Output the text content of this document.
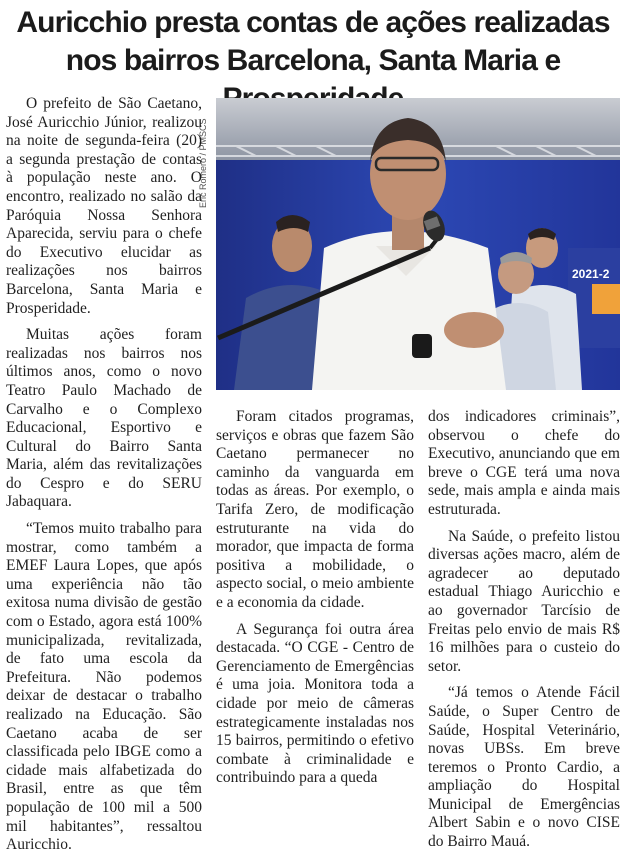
Auricchio presta contas de ações realizadas nos bairros Barcelona, Santa Maria e
Eric Romero / PMSCS
2021-2

O prefeito de São Caetano, José Auricchio Júnior, realizou na noite de segunda-feira (20) a segunda prestação de contas à população neste ano. O encontro, realizado no salão da Paróquia Nossa Senhora Aparecida, serviu para o chefe do Executivo elucidar as realizações nos bairros Barcelona, Santa Maria e Prosperidade.

Muitas ações foram realizadas nos bairros nos últimos anos, como o novo Teatro Paulo Machado de Carvalho e o Complexo Educacional, Esportivo e Cultural do Bairro Santa Maria, além das revitalizações do Cespro e do SERU Jabaquara.

“Temos muito trabalho para mostrar, como também a EMEF Laura Lopes, que após uma experiência não tão exitosa numa divisão de gestão com o Estado, agora está 100% municipalizada, revitalizada, de fato uma escola da Prefeitura. Não podemos deixar de destacar o trabalho realizado na Educação. São Caetano acaba de ser classificada pelo IBGE como a cidade mais alfabetizada do Brasil, entre as que têm população de 100 mil a 500 mil habitantes”, ressaltou Auricchio.

Foram citados programas, serviços e obras que fazem São Caetano permanecer no caminho da vanguarda em todas as áreas. Por exemplo, o Tarifa Zero, de modificação estruturante na vida do morador, que impacta de forma positiva a mobilidade, o aspecto social, o meio ambiente e a economia da cidade.

A Segurança foi outra área destacada. “O CGE - Centro de Gerenciamento de Emergências é uma joia. Monitora toda a cidade por meio de câmeras estrategicamente instaladas nos 15 bairros, permitindo o efetivo combate à criminalidade e contribuindo para a queda

dos indicadores criminais”, observou o chefe do Executivo, anunciando que em breve o CGE terá uma nova sede, mais ampla e ainda mais estruturada.

Na Saúde, o prefeito listou diversas ações macro, além de agradecer ao deputado estadual Thiago Auricchio e ao governador Tarcísio de Freitas pelo envio de mais R$ 16 milhões para o custeio do setor.

“Já temos o Atende Fácil Saúde, o Super Centro de Saúde, Hospital Veterinário, novas UBSs. Em breve teremos o Pronto Cardio, a ampliação do Hospital Municipal de Emergências Albert Sabin e o novo CISE do Bairro Mauá.
